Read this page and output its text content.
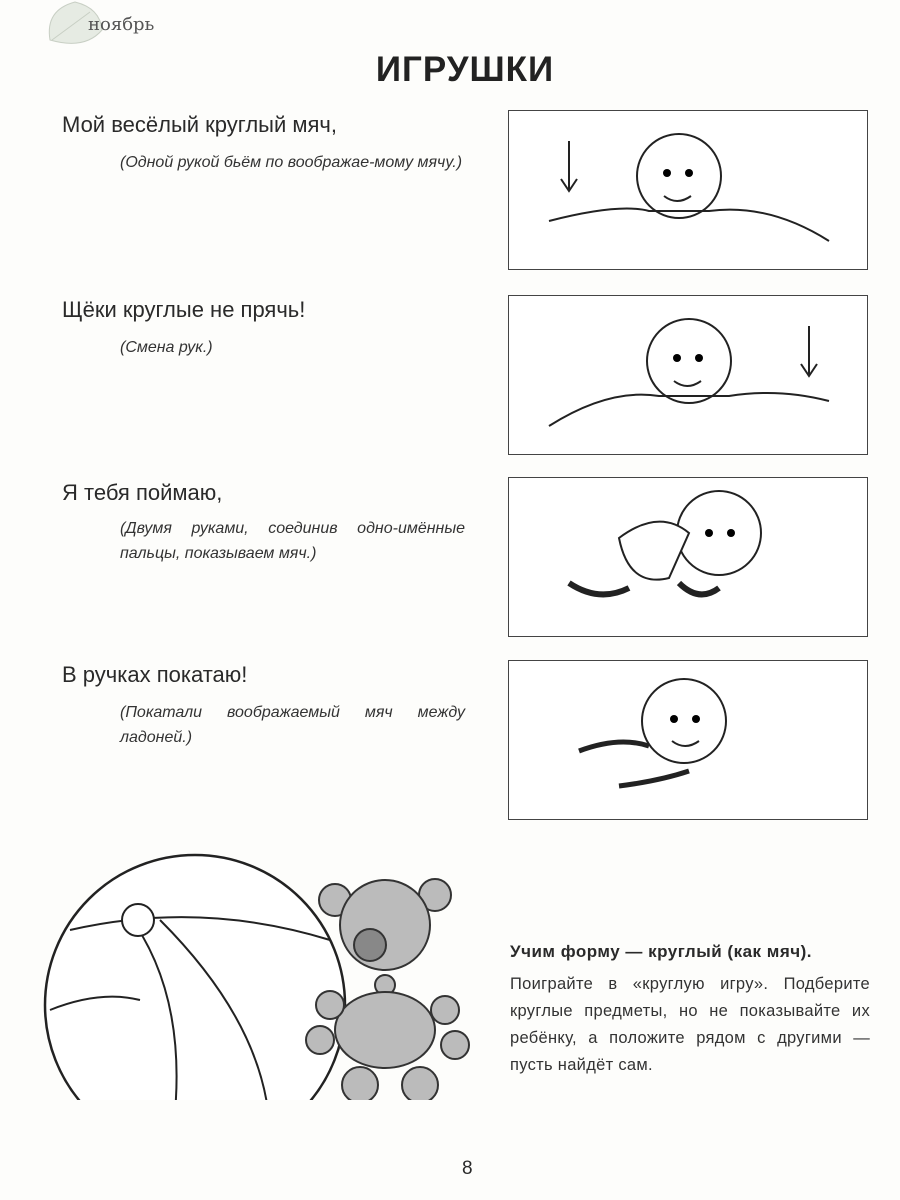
ноябрь
ИГРУШКИ
Мой весёлый круглый мяч,
(Одной рукой бьём по воображае-мому мячу.)
Щёки круглые не прячь!
(Смена рук.)
Я тебя поймаю,
(Двумя руками, соединив одно-имённые пальцы, показываем мяч.)
В ручках покатаю!
(Покатали воображаемый мяч между ладоней.)
Учим форму — круглый (как мяч).
Поиграйте в «круглую игру». Подберите круглые предметы, но не показывайте их ребёнку, а положите рядом с другими — пусть найдёт сам.
8
